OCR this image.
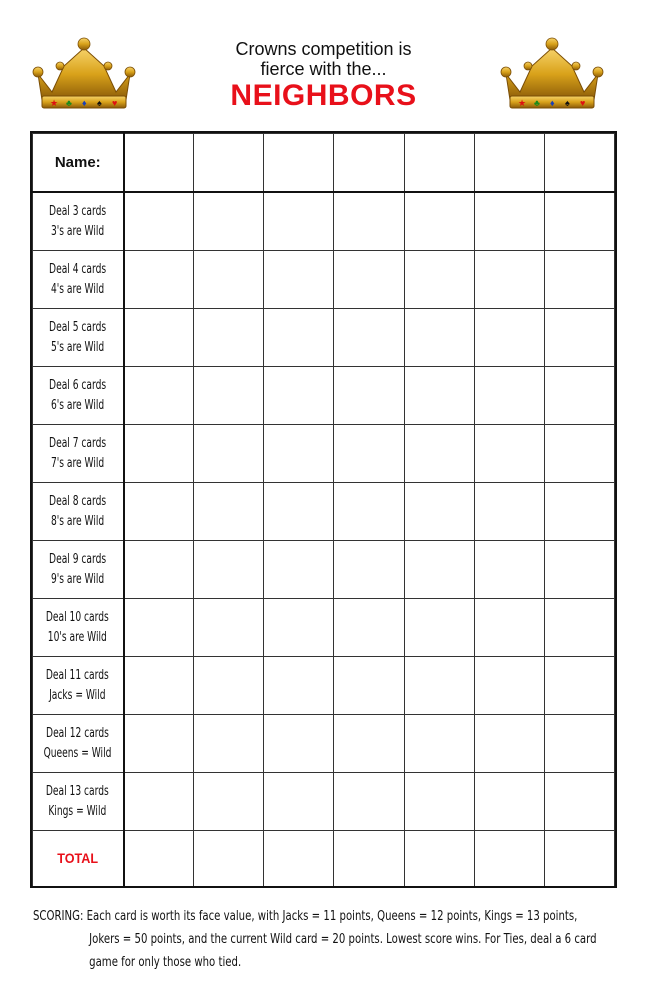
★ ♣ ♦ ♠ ♥

Crowns competition is
fierce with the...

NEIGHBORS	★ ♣ ♦ ♠ ♥
Name:							
Deal 3 cards
3's are Wild							
Deal 4 cards
4's are Wild							
Deal 5 cards
5's are Wild							
Deal 6 cards
6's are Wild							
Deal 7 cards
7's are Wild							
Deal 8 cards
8's are Wild							
Deal 9 cards
9's are Wild							
Deal 10 cards
10's are Wild							
Deal 11 cards
Jacks = Wild							
Deal 12 cards
Queens = Wild							
Deal 13 cards
Kings = Wild							
TOTAL							

SCORING: Each card is worth its face value, with Jacks = 11 points, Queens = 12 points, Kings = 13 points,

Jokers = 50 points, and the current Wild card = 20 points. Lowest score wins. For Ties, deal a 6 card
game for only those who tied.
